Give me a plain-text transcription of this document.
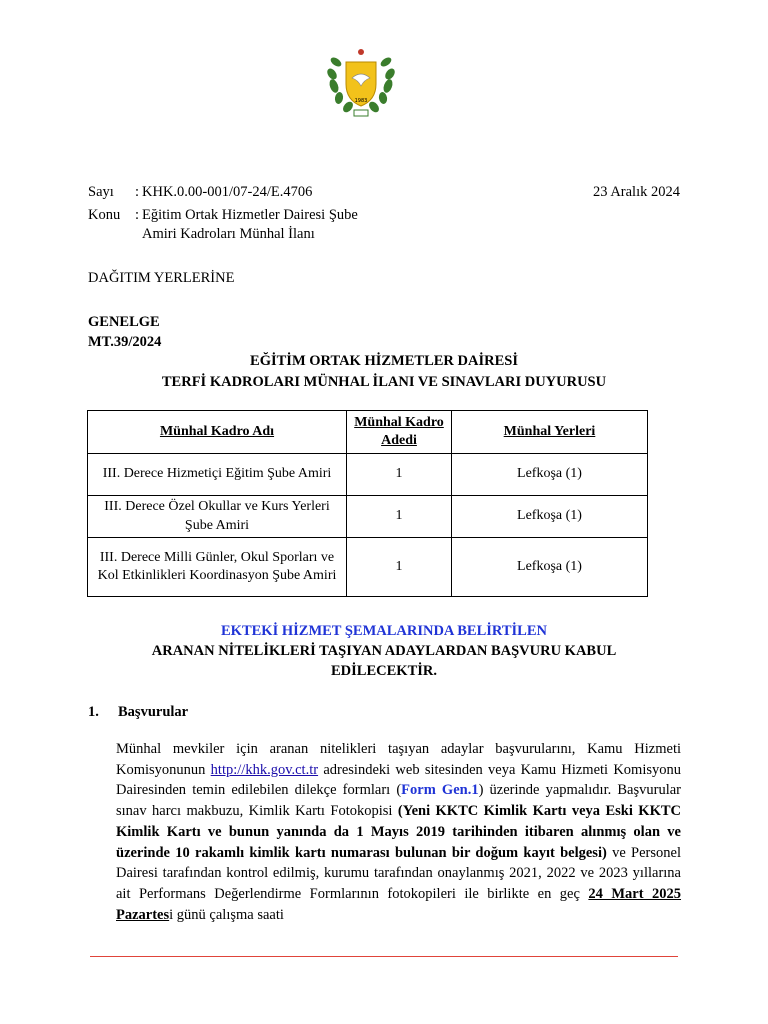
1983
Sayı : KHK.0.00-001/07-24/E.4706	23 Aralık 2024
Konu : Eğitim Ortak Hizmetler Dairesi Şube
Amiri Kadroları Münhal İlanı
DAĞITIM YERLERİNE
GENELGE
MT.39/2024
EĞİTİM ORTAK HİZMETLER DAİRESİ
TERFİ KADROLARI MÜNHAL İLANI VE SINAVLARI DUYURUSU
Münhal Kadro Adı	Münhal Kadro Adedi	Münhal Yerleri
III. Derece Hizmetiçi Eğitim Şube Amiri	1	Lefkoşa (1)
III. Derece Özel Okullar ve Kurs Yerleri Şube Amiri	1	Lefkoşa (1)
III. Derece Milli Günler, Okul Sporları ve Kol Etkinlikleri Koordinasyon Şube Amiri	1	Lefkoşa (1)
EKTEKİ HİZMET ŞEMALARINDA BELİRTİLEN
ARANAN NİTELİKLERİ TAŞIYAN ADAYLARDAN BAŞVURU KABUL
EDİLECEKTİR.
1. Başvurular
Münhal mevkiler için aranan nitelikleri taşıyan adaylar başvurularını, Kamu Hizmeti Komisyonunun http://khk.gov.ct.tr adresindeki web sitesinden veya Kamu Hizmeti Komisyonu Dairesinden temin edilebilen dilekçe formları (Form Gen.1) üzerinde yapmalıdır. Başvurular sınav harcı makbuzu, Kimlik Kartı Fotokopisi (Yeni KKTC Kimlik Kartı veya Eski KKTC Kimlik Kartı ve bunun yanında da 1 Mayıs 2019 tarihinden itibaren alınmış olan ve üzerinde 10 rakamlı kimlik kartı numarası bulunan bir doğum kayıt belgesi) ve Personel Dairesi tarafından kontrol edilmiş, kurumu tarafından onaylanmış 2021, 2022 ve 2023 yıllarına ait Performans Değerlendirme Formlarının fotokopileri ile birlikte en geç 24 Mart 2025 Pazartesi günü çalışma saati
